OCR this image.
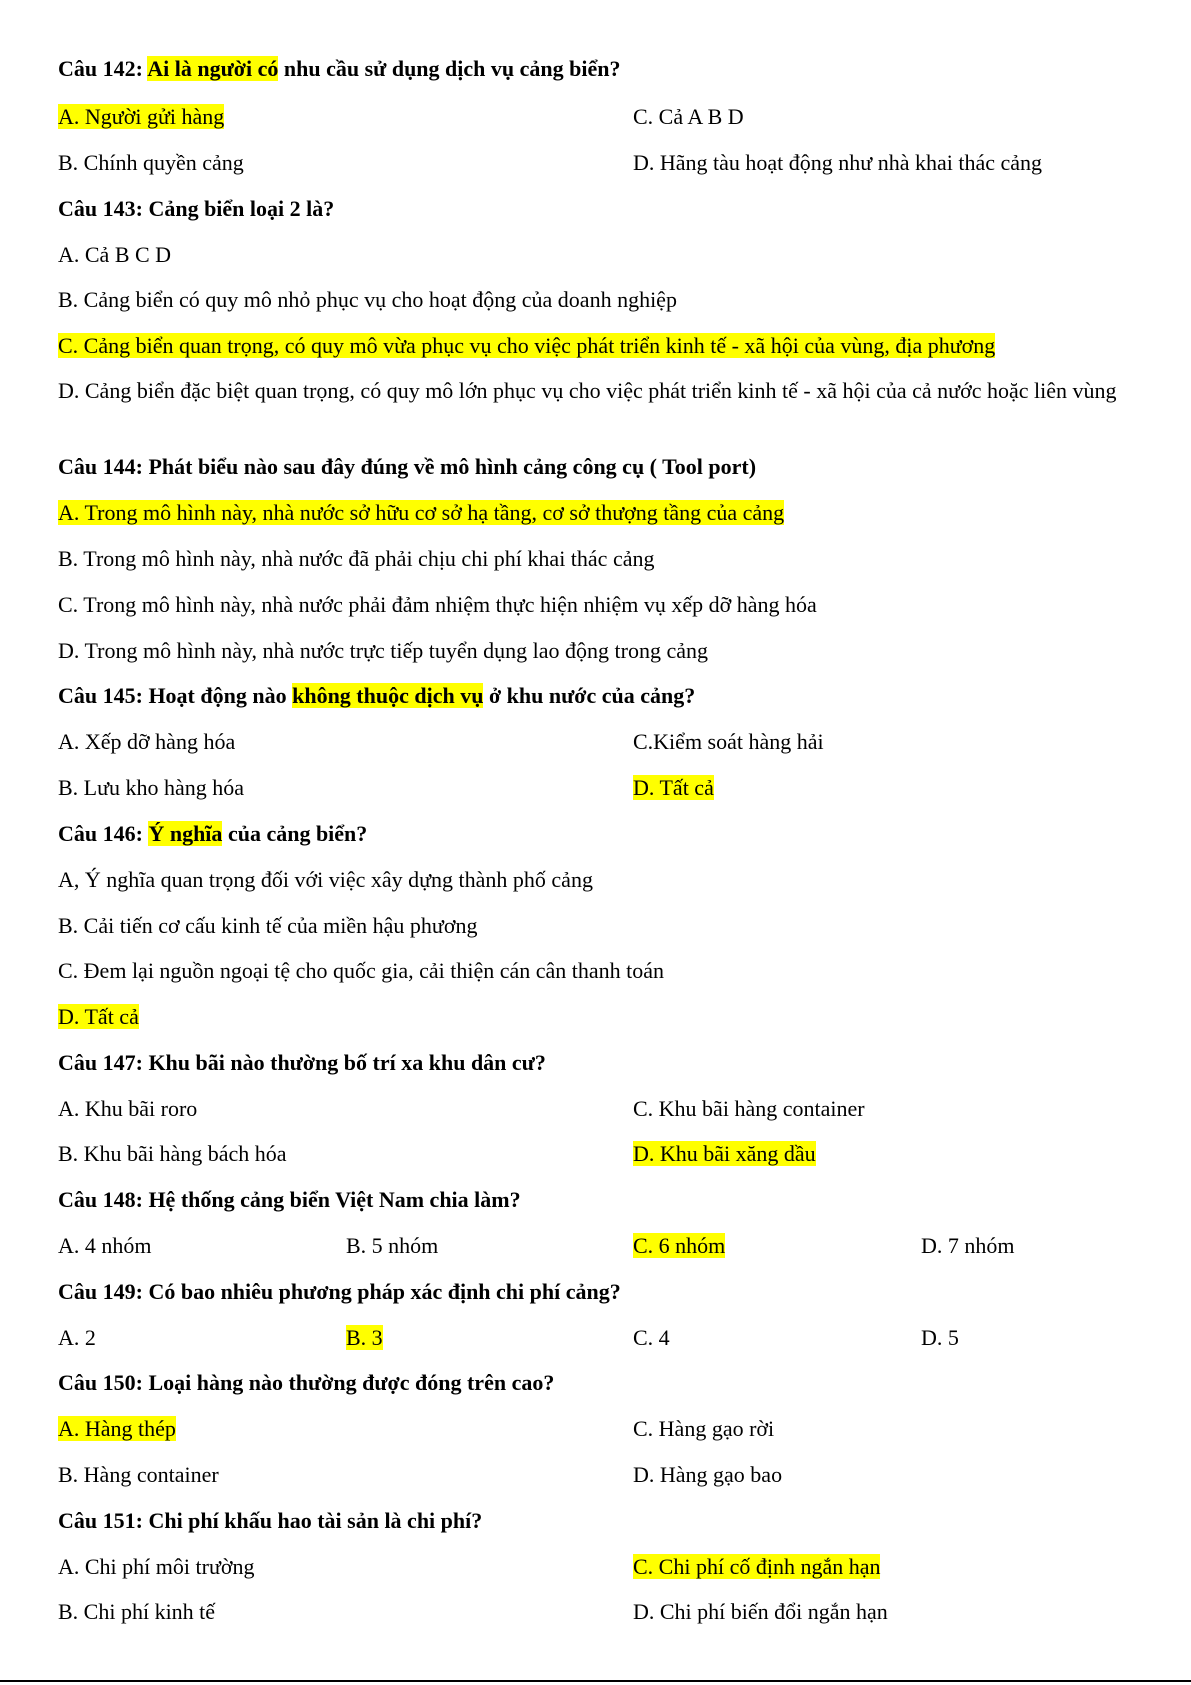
Câu 142: Ai là người có nhu cầu sử dụng dịch vụ cảng biển?
A. Người gửi hàng	C. Cả A B D
B. Chính quyền cảng	D. Hãng tàu hoạt động như nhà khai thác cảng
Câu 143: Cảng biển loại 2 là?
A. Cả B C D
B. Cảng biển có quy mô nhỏ phục vụ cho hoạt động của doanh nghiệp
C. Cảng biển quan trọng, có quy mô vừa phục vụ cho việc phát triển kinh tế - xã hội của vùng, địa phương
D. Cảng biển đặc biệt quan trọng, có quy mô lớn phục vụ cho việc phát triển kinh tế - xã hội của cả nước hoặc liên vùng
Câu 144: Phát biểu nào sau đây đúng về mô hình cảng công cụ ( Tool port)
A. Trong mô hình này, nhà nước sở hữu cơ sở hạ tầng, cơ sở thượng tầng của cảng
B. Trong mô hình này, nhà nước đã phải chịu chi phí khai thác cảng
C. Trong mô hình này, nhà nước phải đảm nhiệm thực hiện nhiệm vụ xếp dỡ hàng hóa
D. Trong mô hình này, nhà nước trực tiếp tuyển dụng lao động trong cảng
Câu 145: Hoạt động nào không thuộc dịch vụ ở khu nước của cảng?
A. Xếp dỡ hàng hóa	C.Kiểm soát hàng hải
B. Lưu kho hàng hóa	D. Tất cả
Câu 146: Ý nghĩa của cảng biển?
A, Ý nghĩa quan trọng đối với việc xây dựng thành phố cảng
B. Cải tiến cơ cấu kinh tế của miền hậu phương
C. Đem lại nguồn ngoại tệ cho quốc gia, cải thiện cán cân thanh toán
D. Tất cả
Câu 147: Khu bãi nào thường bố trí xa khu dân cư?
A. Khu bãi roro	C. Khu bãi hàng container
B. Khu bãi hàng bách hóa	D. Khu bãi xăng dầu
Câu 148: Hệ thống cảng biển Việt Nam chia làm?
A. 4 nhóm	B. 5 nhóm	C. 6 nhóm	D. 7 nhóm
Câu 149: Có bao nhiêu phương pháp xác định chi phí cảng?
A. 2	B. 3	C. 4	D. 5
Câu 150: Loại hàng nào thường được đóng trên cao?
A. Hàng thép	C. Hàng gạo rời
B. Hàng container	D. Hàng gạo bao
Câu 151: Chi phí khấu hao tài sản là chi phí?
A. Chi phí môi trường	C. Chi phí cố định ngắn hạn
B. Chi phí kinh tế	D. Chi phí biến đổi ngắn hạn
